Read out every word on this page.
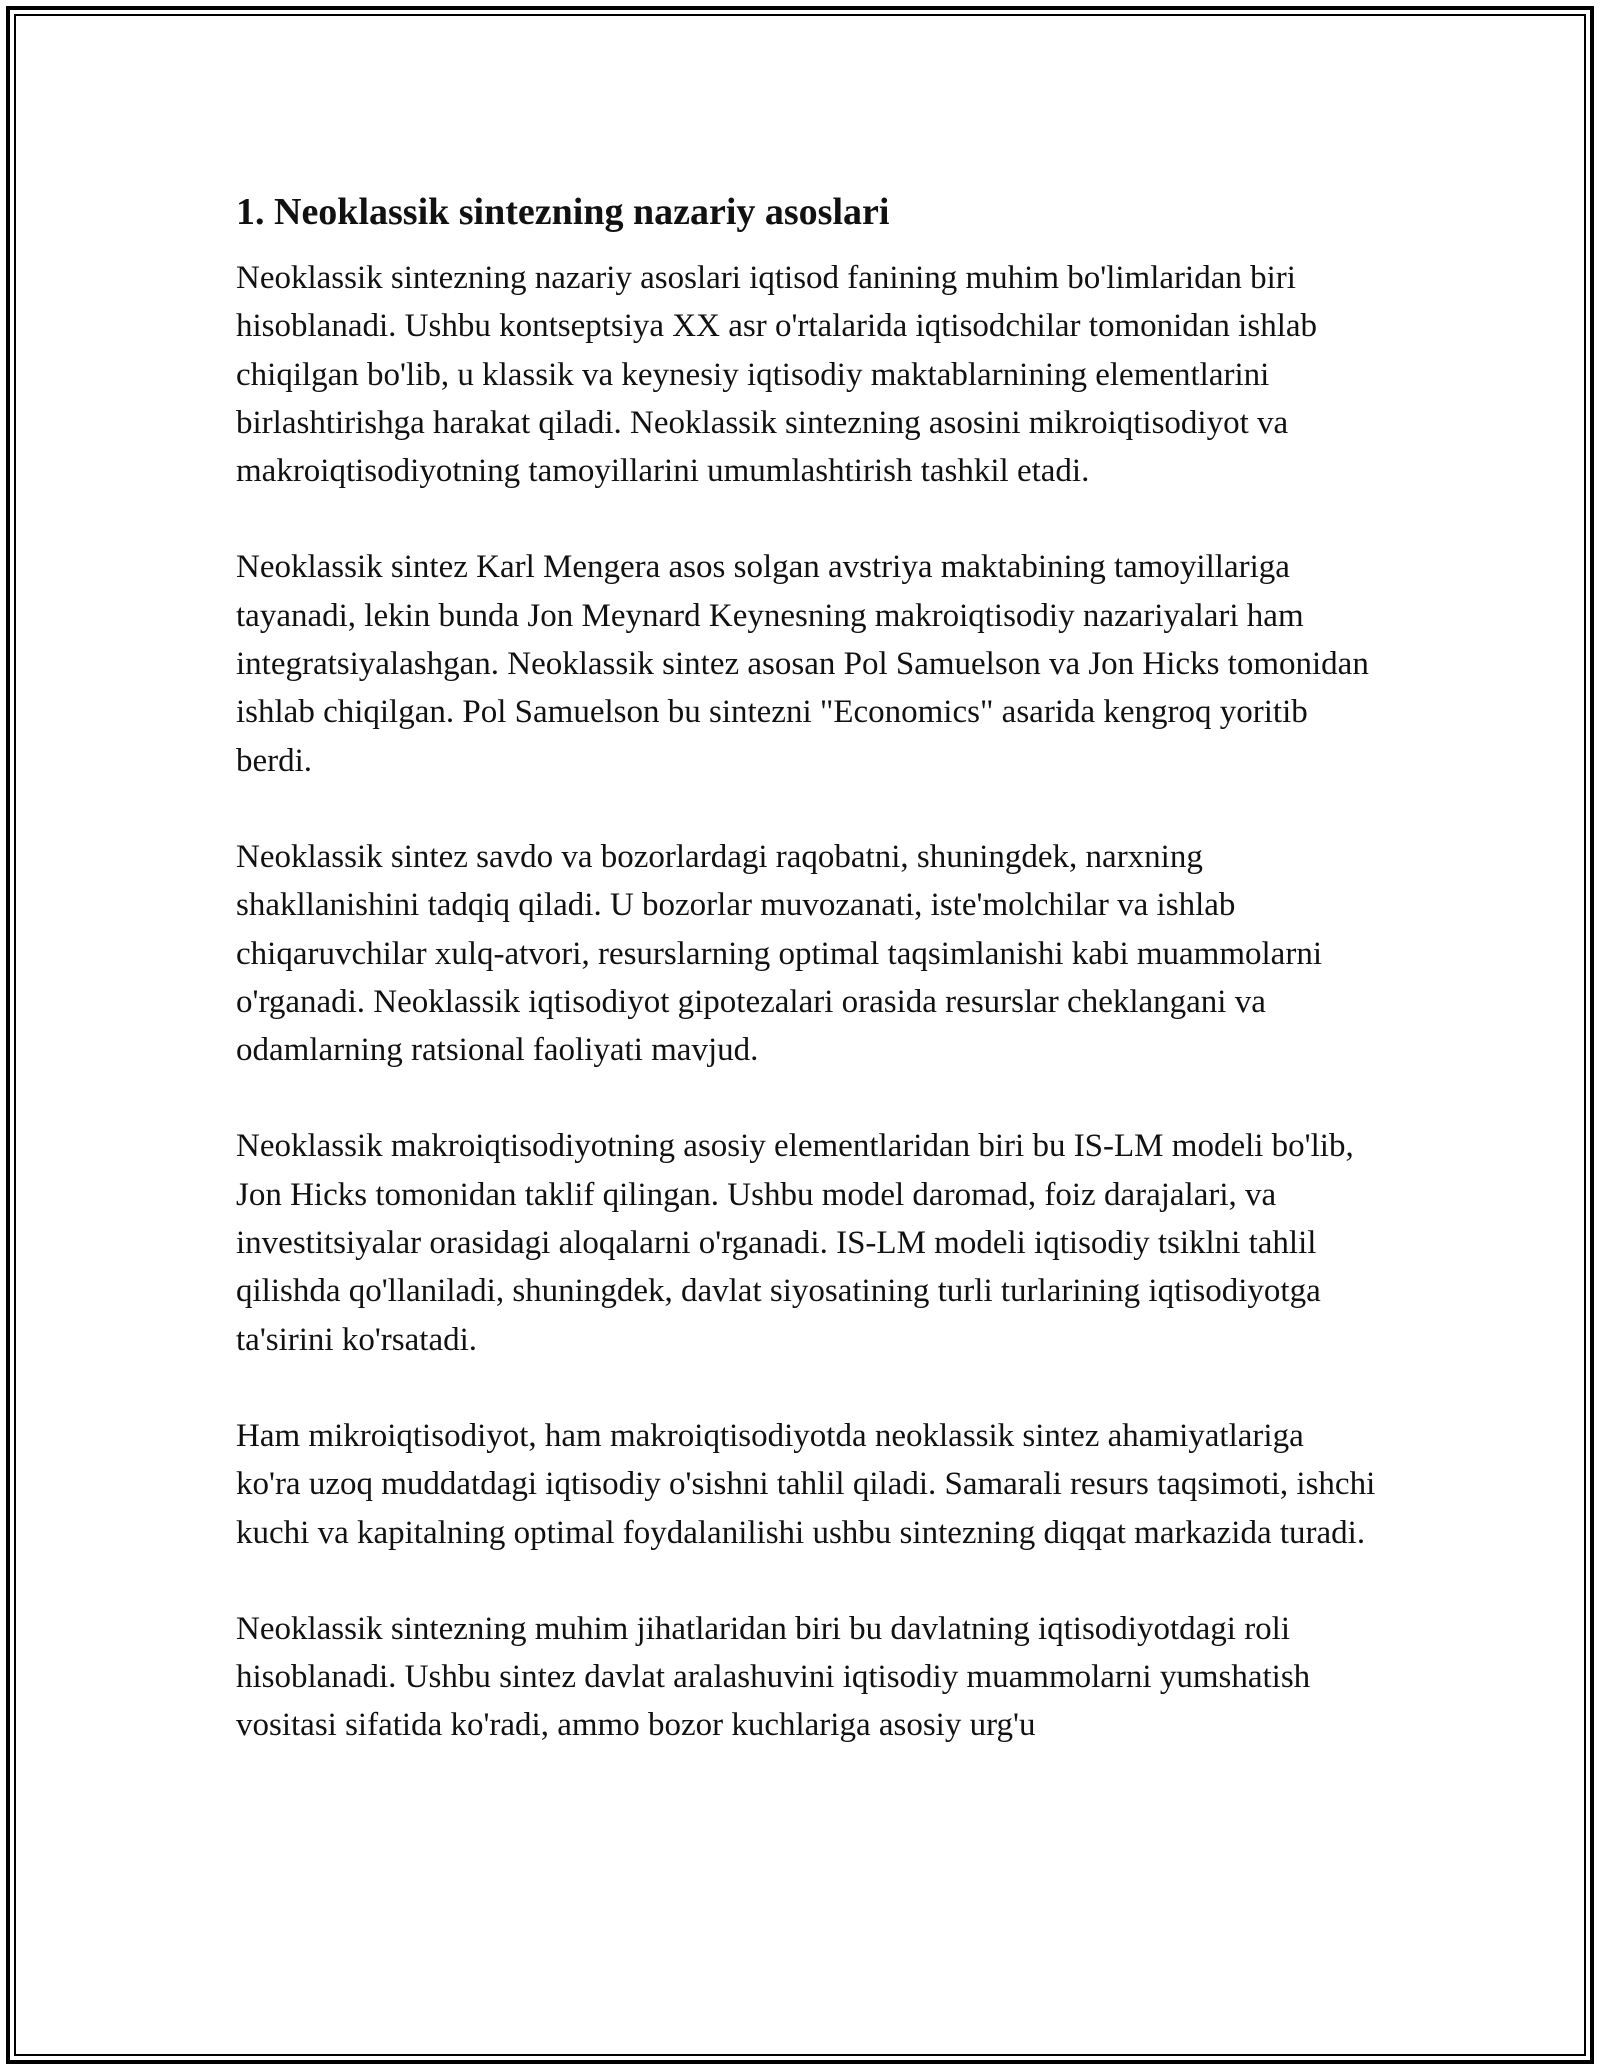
1. Neoklassik sintezning nazariy asoslari

Neoklassik sintezning nazariy asoslari iqtisod fanining muhim bo'limlaridan biri hisoblanadi. Ushbu kontseptsiya XX asr o'rtalarida iqtisodchilar tomonidan ishlab chiqilgan bo'lib, u klassik va keynesiy iqtisodiy maktablarnining elementlarini birlashtirishga harakat qiladi. Neoklassik sintezning asosini mikroiqtisodiyot va makroiqtisodiyotning tamoyillarini umumlashtirish tashkil etadi.

Neoklassik sintez Karl Mengera asos solgan avstriya maktabining tamoyillariga tayanadi, lekin bunda Jon Meynard Keynesning makroiqtisodiy nazariyalari ham integratsiyalashgan. Neoklassik sintez asosan Pol Samuelson va Jon Hicks tomonidan ishlab chiqilgan. Pol Samuelson bu sintezni "Economics" asarida kengroq yoritib berdi.

Neoklassik sintez savdo va bozorlardagi raqobatni, shuningdek, narxning shakllanishini tadqiq qiladi. U bozorlar muvozanati, iste'molchilar va ishlab chiqaruvchilar xulq-atvori, resurslarning optimal taqsimlanishi kabi muammolarni o'rganadi. Neoklassik iqtisodiyot gipotezalari orasida resurslar cheklangani va odamlarning ratsional faoliyati mavjud.

Neoklassik makroiqtisodiyotning asosiy elementlaridan biri bu IS-LM modeli bo'lib, Jon Hicks tomonidan taklif qilingan. Ushbu model daromad, foiz darajalari, va investitsiyalar orasidagi aloqalarni o'rganadi. IS-LM modeli iqtisodiy tsiklni tahlil qilishda qo'llaniladi, shuningdek, davlat siyosatining turli turlarining iqtisodiyotga ta'sirini ko'rsatadi.

Ham mikroiqtisodiyot, ham makroiqtisodiyotda neoklassik sintez ahamiyatlariga ko'ra uzoq muddatdagi iqtisodiy o'sishni tahlil qiladi. Samarali resurs taqsimoti, ishchi kuchi va kapitalning optimal foydalanilishi ushbu sintezning diqqat markazida turadi.

Neoklassik sintezning muhim jihatlaridan biri bu davlatning iqtisodiyotdagi roli hisoblanadi. Ushbu sintez davlat aralashuvini iqtisodiy muammolarni yumshatish vositasi sifatida ko'radi, ammo bozor kuchlariga asosiy urg'u
